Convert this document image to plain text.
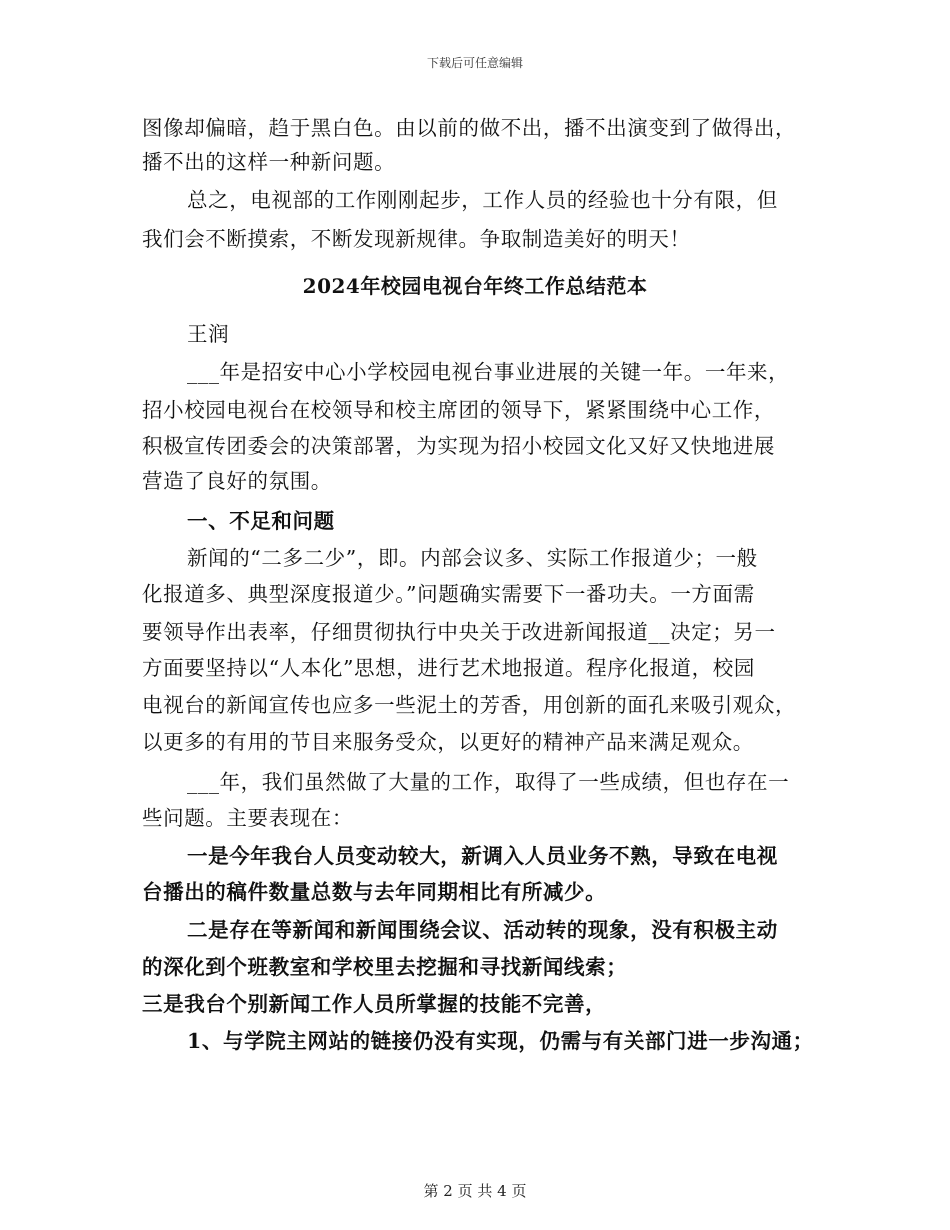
下载后可任意编辑
图像却偏暗，趋于黑白色。由以前的做不出，播不出演变到了做得出，
播不出的这样一种新问题。
总之，电视部的工作刚刚起步，工作人员的经验也十分有限，但
我们会不断摸索，不断发现新规律。争取制造美好的明天！
2024年校园电视台年终工作总结范本
王润
___年是招安中心小学校园电视台事业进展的关键一年。一年来，
招小校园电视台在校领导和校主席团的领导下，紧紧围绕中心工作，
积极宣传团委会的决策部署，为实现为招小校园文化又好又快地进展
营造了良好的氛围。
一、不足和问题
新闻的“二多二少”，即。内部会议多、实际工作报道少；一般
化报道多、典型深度报道少。”问题确实需要下一番功夫。一方面需
要领导作出表率，仔细贯彻执行中央关于改进新闻报道__决定；另一
方面要坚持以“人本化”思想，进行艺术地报道。程序化报道，校园
电视台的新闻宣传也应多一些泥土的芳香，用创新的面孔来吸引观众，
以更多的有用的节目来服务受众，以更好的精神产品来满足观众。
___年，我们虽然做了大量的工作，取得了一些成绩，但也存在一
些问题。主要表现在：
一是今年我台人员变动较大，新调入人员业务不熟，导致在电视
台播出的稿件数量总数与去年同期相比有所减少。
二是存在等新闻和新闻围绕会议、活动转的现象，没有积极主动
的深化到个班教室和学校里去挖掘和寻找新闻线索；
三是我台个别新闻工作人员所掌握的技能不完善，
1、与学院主网站的链接仍没有实现，仍需与有关部门进一步沟通；
第 2 页 共 4 页
